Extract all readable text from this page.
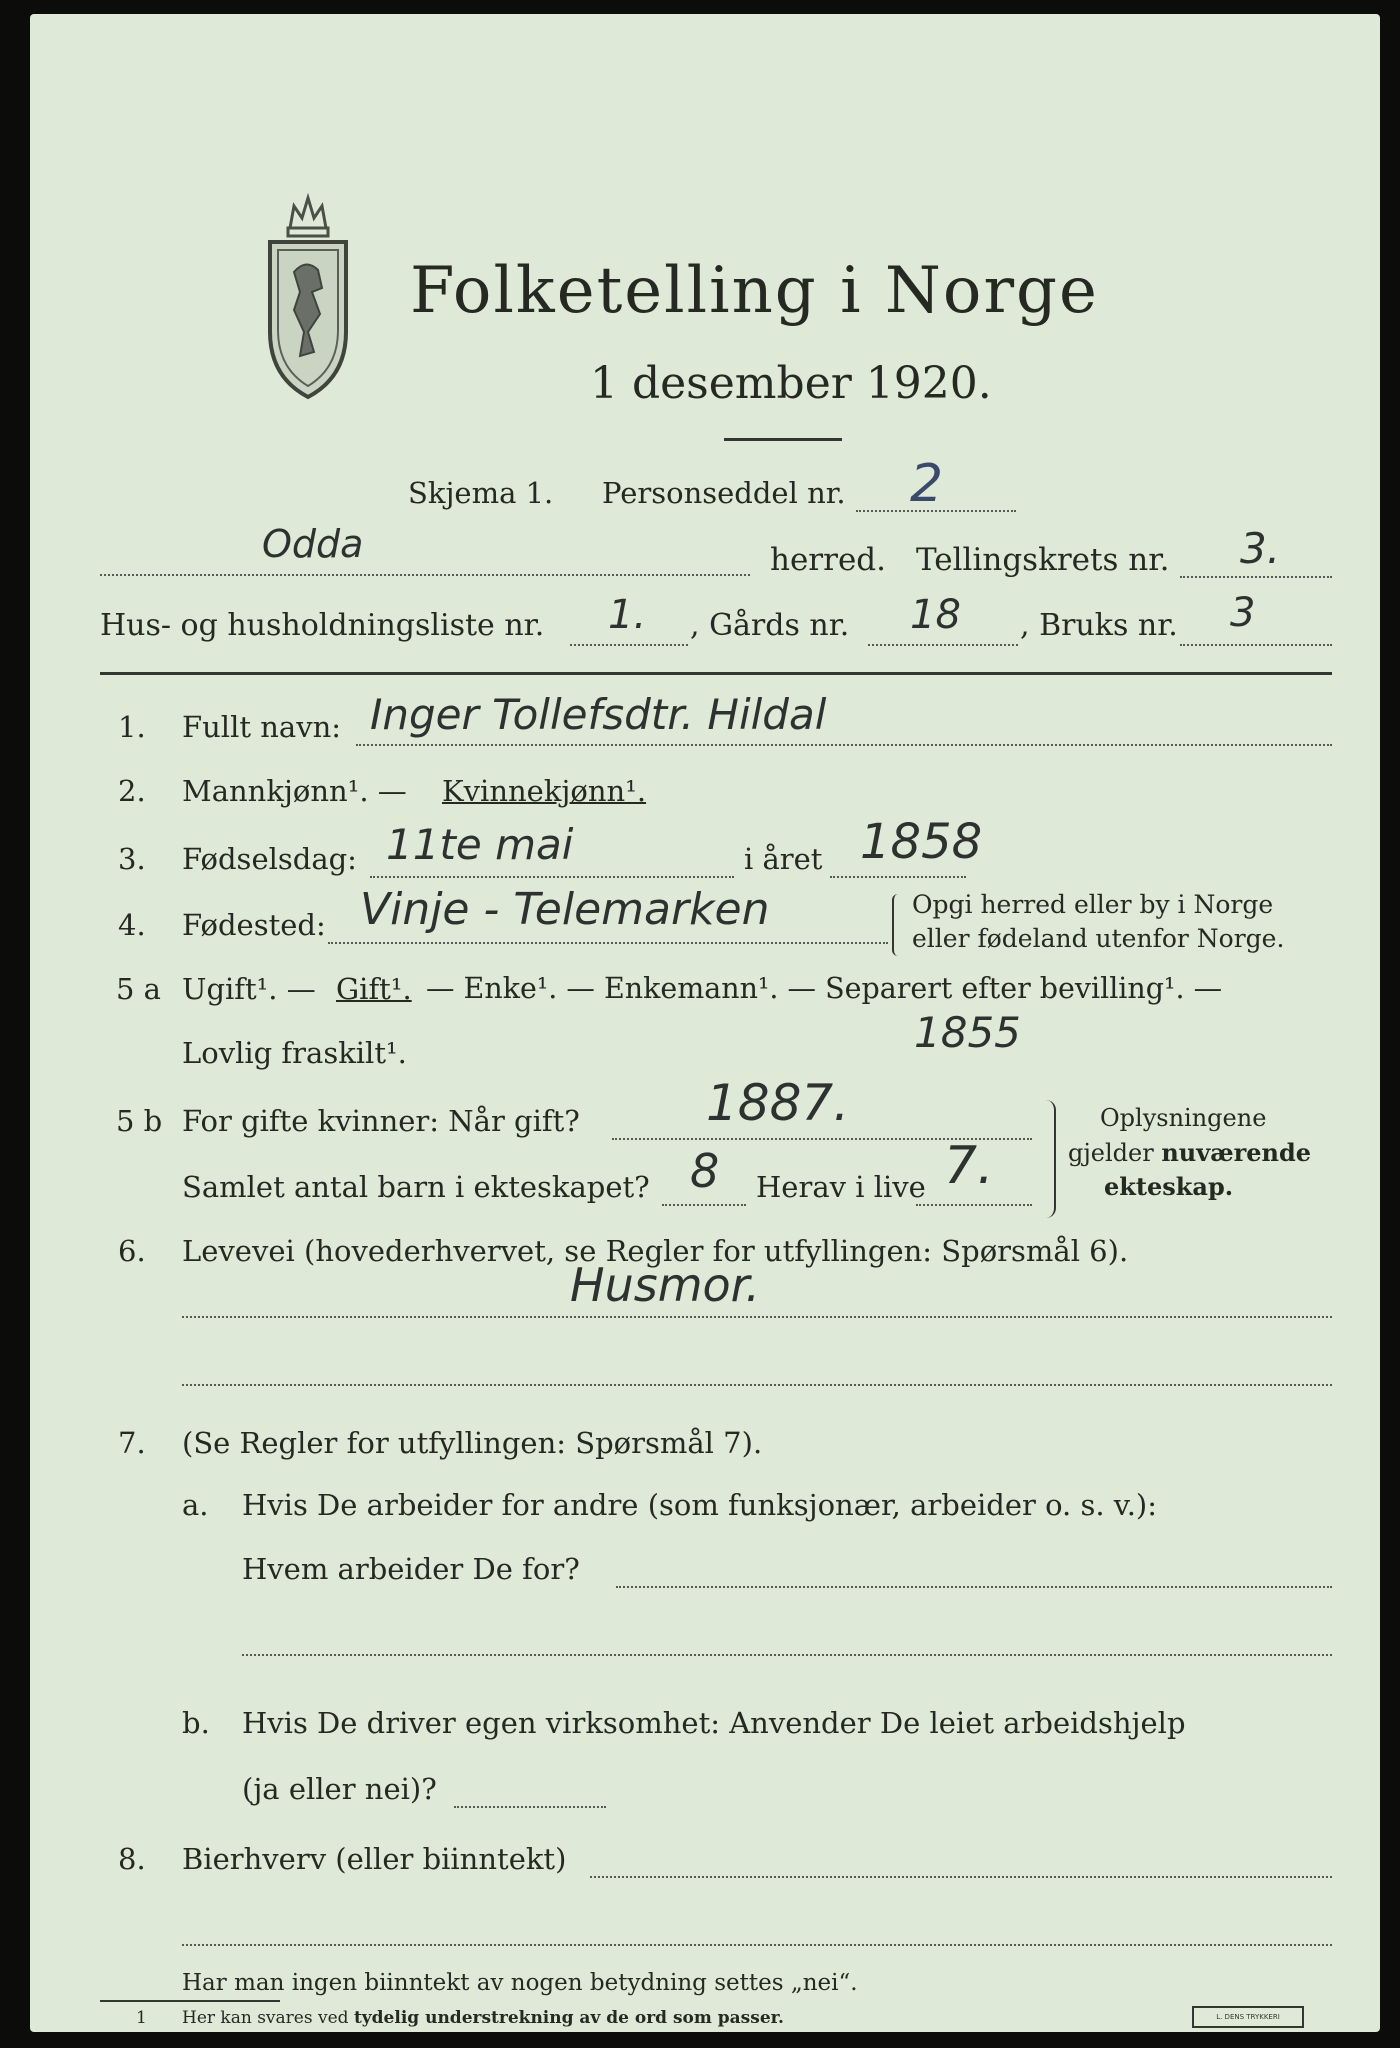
Folketelling i Norge
1 desember 1920.
Skjema 1. Personseddel nr. 2
Odda	herred. Tellingskrets nr. 3.
Hus- og husholdningsliste nr. 1. , Gårds nr. 18 , Bruks nr. 3
1. Fullt navn: Inger Tollefsdtr. Hildal
2. Mannkjønn¹. — Kvinnekjønn¹.
3. Fødselsdag: 11te mai	i året 1858
4. Fødested: Vinje - Telemarken	Opgi herred eller by i Norge
eller fødeland utenfor Norge.
5 a Ugift¹. — Gift¹. — Enke¹. — Enkemann¹. — Separert efter bevilling¹. —
Lovlig fraskilt¹.	1855
5 b For gifte kvinner: Når gift?	1887.
Samlet antal barn i ekteskapet? 8 Herav i live 7.
Oplysningene
gjelder nuværende
ekteskap.
6. Levevei (hovederhvervet, se Regler for utfyllingen: Spørsmål 6).
Husmor.
7. (Se Regler for utfyllingen: Spørsmål 7).
a. Hvis De arbeider for andre (som funksjonær, arbeider o. s. v.):
Hvem arbeider De for?
b. Hvis De driver egen virksomhet: Anvender De leiet arbeidshjelp
(ja eller nei)?
8. Bierhverv (eller biinntekt)
Har man ingen biinntekt av nogen betydning settes „nei“.
1 Her kan svares ved tydelig understrekning av de ord som passer.	L. DENS TRYKKERI
